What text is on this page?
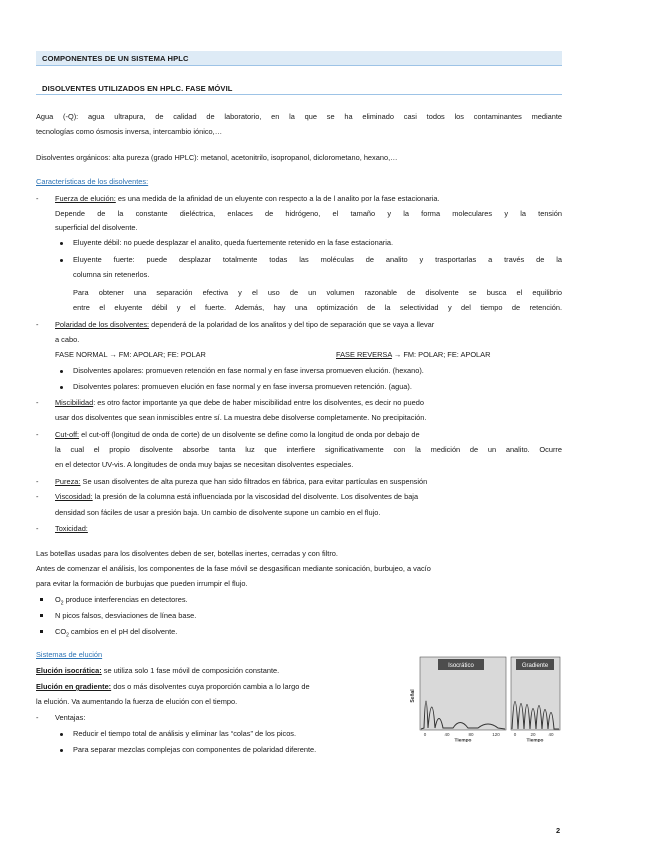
COMPONENTES DE UN SISTEMA HPLC
DISOLVENTES UTILIZADOS EN HPLC. FASE MÓVIL
Agua (-Q): agua ultrapura, de calidad de laboratorio, en la que se ha eliminado casi todos los contaminantes mediante
tecnologías como ósmosis inversa, intercambio iónico,…
Disolventes orgánicos: alta pureza (grado HPLC): metanol, acetonitrilo, isopropanol, diclorometano, hexano,…
Características de los disolventes:
- Fuerza de elución: es una medida de la afinidad de un eluyente con respecto a la de l analito por la fase estacionaria.
Depende de la constante dieléctrica, enlaces de hidrógeno, el tamaño y la forma moleculares y la tensión
superficial del disolvente.
Eluyente débil: no puede desplazar el analito, queda fuertemente retenido en la fase estacionaria.
Eluyente fuerte: puede desplazar totalmente todas las moléculas de analito y trasportarlas a través de la
columna sin retenerlos.
Para obtener una separación efectiva y el uso de un volumen razonable de disolvente se busca el equilibrio
entre el eluyente débil y el fuerte. Además, hay una optimización de la selectividad y del tiempo de retención.
- Polaridad de los disolventes: dependerá de la polaridad de los analitos y del tipo de separación que se vaya a llevar
a cabo.
FASE NORMAL → FM: APOLAR; FE: POLAR	FASE REVERSA → FM: POLAR; FE: APOLAR
Disolventes apolares: promueven retención en fase normal y en fase inversa promueven elución. (hexano).
Disolventes polares: promueven elución en fase normal y en fase inversa promueven retención. (agua).
- Miscibilidad: es otro factor importante ya que debe de haber miscibilidad entre los disolventes, es decir no puedo
usar dos disolventes que sean inmiscibles entre sí. La muestra debe disolverse completamente. No precipitación.
- Cut-off: el cut-off (longitud de onda de corte) de un disolvente se define como la longitud de onda por debajo de
la cual el propio disolvente absorbe tanta luz que interfiere significativamente con la medición de un analito. Ocurre
en el detector UV-vis. A longitudes de onda muy bajas se necesitan disolventes especiales.
- Pureza: Se usan disolventes de alta pureza que han sido filtrados en fábrica, para evitar partículas en suspensión
- Viscosidad: la presión de la columna está influenciada por la viscosidad del disolvente. Los disolventes de baja
densidad son fáciles de usar a presión baja. Un cambio de disolvente supone un cambio en el flujo.
- Toxicidad:
Las botellas usadas para los disolventes deben de ser, botellas inertes, cerradas y con filtro.
Antes de comenzar el análisis, los componentes de la fase móvil se desgasifican mediante sonicación, burbujeo, a vacío
para evitar la formación de burbujas que pueden irrumpir el flujo.
$O_2$ produce interferencias en detectores.
N picos falsos, desviaciones de línea base.
$CO_2$ cambios en el pH del disolvente.
Sistemas de elución
Elución isocrática: se utiliza solo 1 fase móvil de composición constante.
Elución en gradiente: dos o más disolventes cuya proporción cambia a lo largo de
la elución. Va aumentando la fuerza de elución con el tiempo.
- Ventajas:
Reducir el tiempo total de análisis y eliminar las “colas” de los picos.
Para separar mezclas complejas con componentes de polaridad diferente.
Isocrático	Gradiente
Señal
0	40	80	120	0	20	40
Tiempo	Tiempo
2
